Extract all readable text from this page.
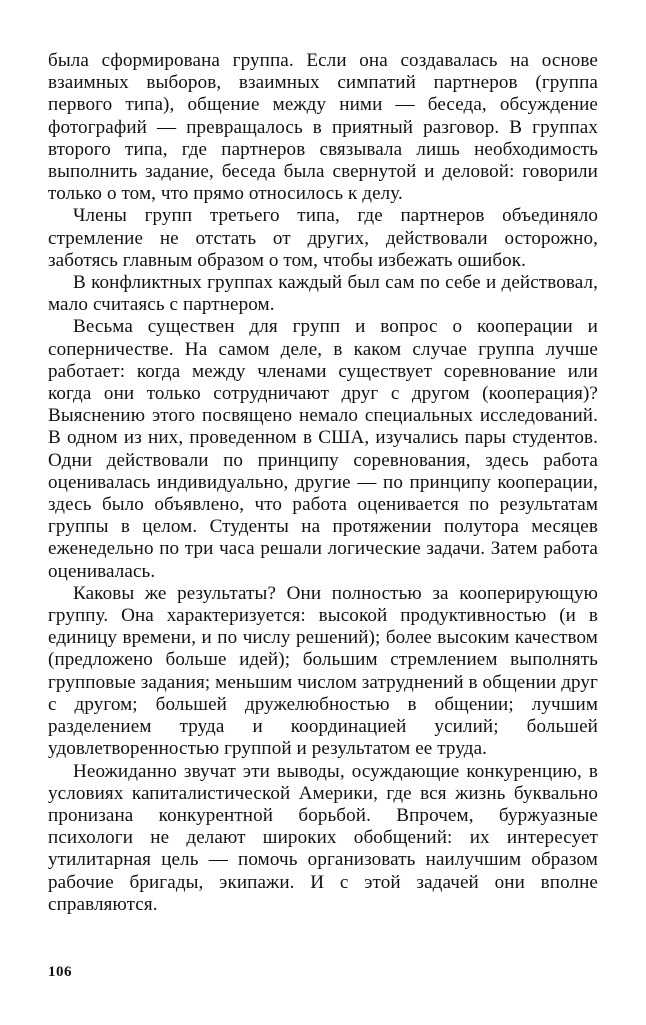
была сформирована группа. Если она создавалась на основе взаимных выборов, взаимных симпатий партнеров (группа первого типа), общение между ними — беседа, обсуждение фотографий — превращалось в приятный разговор. В группах второго типа, где партнеров связывала лишь необходимость выполнить задание, беседа была свернутой и деловой: говорили только о том, что прямо относилось к делу.

Члены групп третьего типа, где партнеров объединяло стремление не отстать от других, действовали осторожно, заботясь главным образом о том, чтобы избежать ошибок.

В конфликтных группах каждый был сам по себе и действовал, мало считаясь с партнером.

Весьма существен для групп и вопрос о кооперации и соперничестве. На самом деле, в каком случае группа лучше работает: когда между членами существует соревнование или когда они только сотрудничают друг с другом (кооперация)? Выяснению этого посвящено немало специальных исследований. В одном из них, проведенном в США, изучались пары студентов. Одни действовали по принципу соревнования, здесь работа оценивалась индивидуально, другие — по принципу кооперации, здесь было объявлено, что работа оценивается по результатам группы в целом. Студенты на протяжении полутора месяцев еженедельно по три часа решали логические задачи. Затем работа оценивалась.

Каковы же результаты? Они полностью за кооперирующую группу. Она характеризуется: высокой продуктивностью (и в единицу времени, и по числу решений); более высоким качеством (предложено больше идей); большим стремлением выполнять групповые задания; меньшим числом затруднений в общении друг с другом; большей дружелюбностью в общении; лучшим разделением труда и координацией усилий; большей удовлетворенностью группой и результатом ее труда.

Неожиданно звучат эти выводы, осуждающие конкуренцию, в условиях капиталистической Америки, где вся жизнь буквально пронизана конкурентной борьбой. Впрочем, буржуазные психологи не делают широких обобщений: их интересует утилитарная цель — помочь организовать наилучшим образом рабочие бригады, экипажи. И с этой задачей они вполне справляются.

106
